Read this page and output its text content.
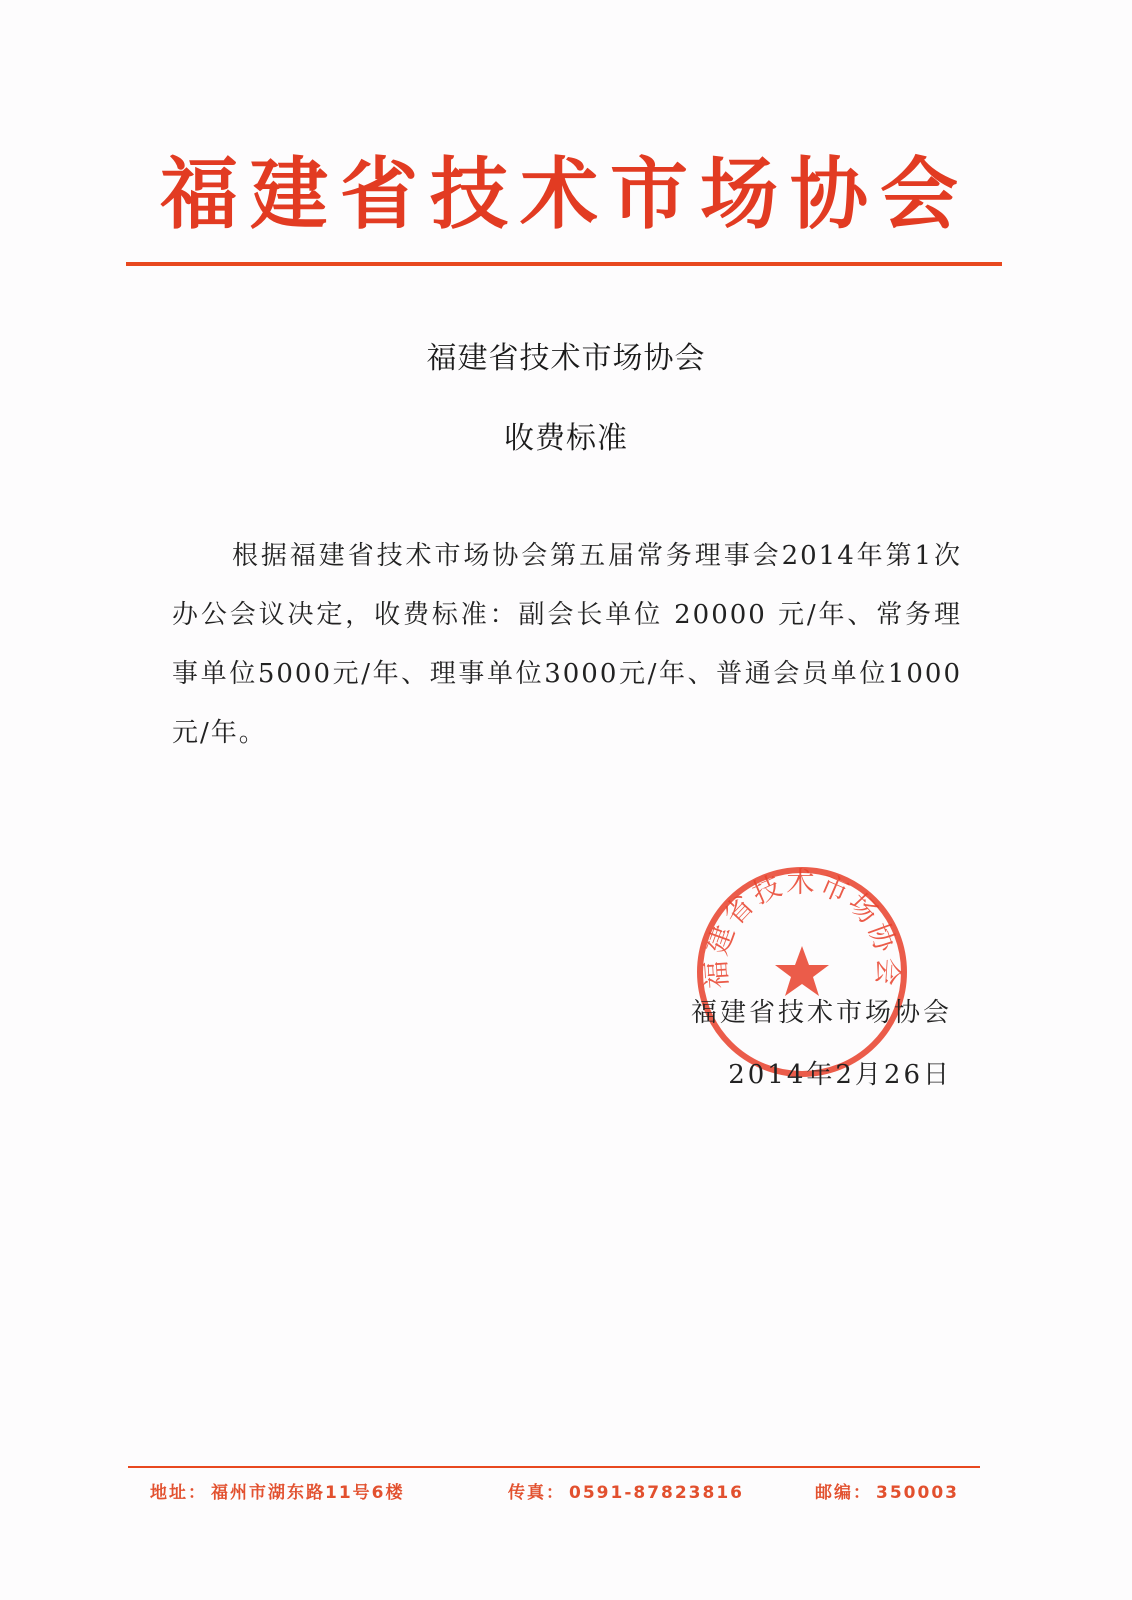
福建省技术市场协会
福建省技术市场协会
收费标准
根据福建省技术市场协会第五届常务理事会2014年第1次办公会议决定，收费标准：副会长单位 20000 元/年、常务理事单位5000元/年、理事单位3000元/年、普通会员单位1000元/年。
福建省技术市场协会
福建省技术市场协会
2014年2月26日
地址： 福州市湖东路11号6楼	传真： 0591-87823816	邮编： 350003
